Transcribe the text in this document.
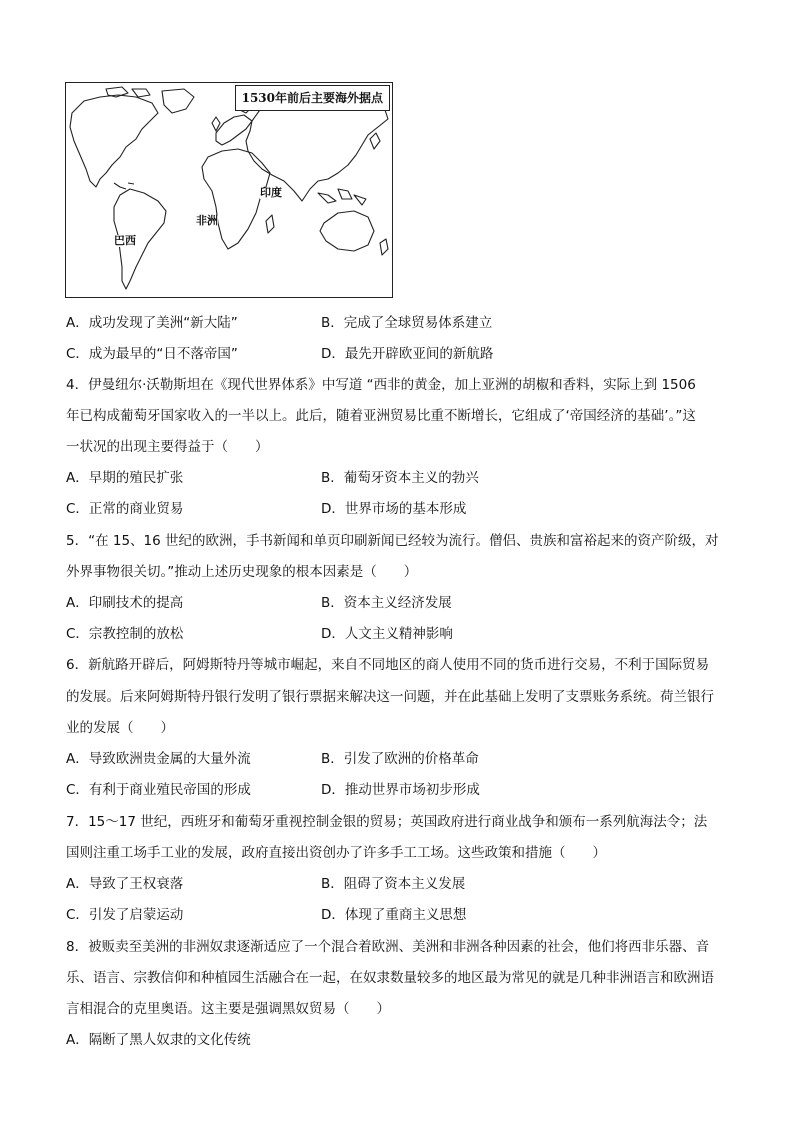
1530年前后主要海外据点
印度
非洲
巴西
A．成功发现了美洲“新大陆”	B．完成了全球贸易体系建立
C．成为最早的“日不落帝国”	D．最先开辟欧亚间的新航路
4．伊曼纽尔·沃勒斯坦在《现代世界体系》中写道 “西非的黄金，加上亚洲的胡椒和香料，实际上到 1506
年已构成葡萄牙国家收入的一半以上。此后，随着亚洲贸易比重不断增长，它组成了‘帝国经济的基础’。”这
一状况的出现主要得益于（　　）
A．早期的殖民扩张	B．葡萄牙资本主义的勃兴
C．正常的商业贸易	D．世界市场的基本形成
5．“在 15、16 世纪的欧洲，手书新闻和单页印刷新闻已经较为流行。僧侣、贵族和富裕起来的资产阶级，对
外界事物很关切。”推动上述历史现象的根本因素是（　　）
A．印刷技术的提高	B．资本主义经济发展
C．宗教控制的放松	D．人文主义精神影响
6．新航路开辟后，阿姆斯特丹等城市崛起，来自不同地区的商人使用不同的货币进行交易，不利于国际贸易
的发展。后来阿姆斯特丹银行发明了银行票据来解决这一问题，并在此基础上发明了支票账务系统。荷兰银行
业的发展（　　）
A．导致欧洲贵金属的大量外流	B．引发了欧洲的价格革命
C．有利于商业殖民帝国的形成	D．推动世界市场初步形成
7．15～17 世纪，西班牙和葡萄牙重视控制金银的贸易；英国政府进行商业战争和颁布一系列航海法令；法
国则注重工场手工业的发展，政府直接出资创办了许多手工工场。这些政策和措施（　　）
A．导致了王权衰落	B．阻碍了资本主义发展
C．引发了启蒙运动	D．体现了重商主义思想
8．被贩卖至美洲的非洲奴隶逐渐适应了一个混合着欧洲、美洲和非洲各种因素的社会，他们将西非乐器、音
乐、语言、宗教信仰和种植园生活融合在一起，在奴隶数量较多的地区最为常见的就是几种非洲语言和欧洲语
言相混合的克里奥语。这主要是强调黑奴贸易（　　）
A．隔断了黑人奴隶的文化传统
